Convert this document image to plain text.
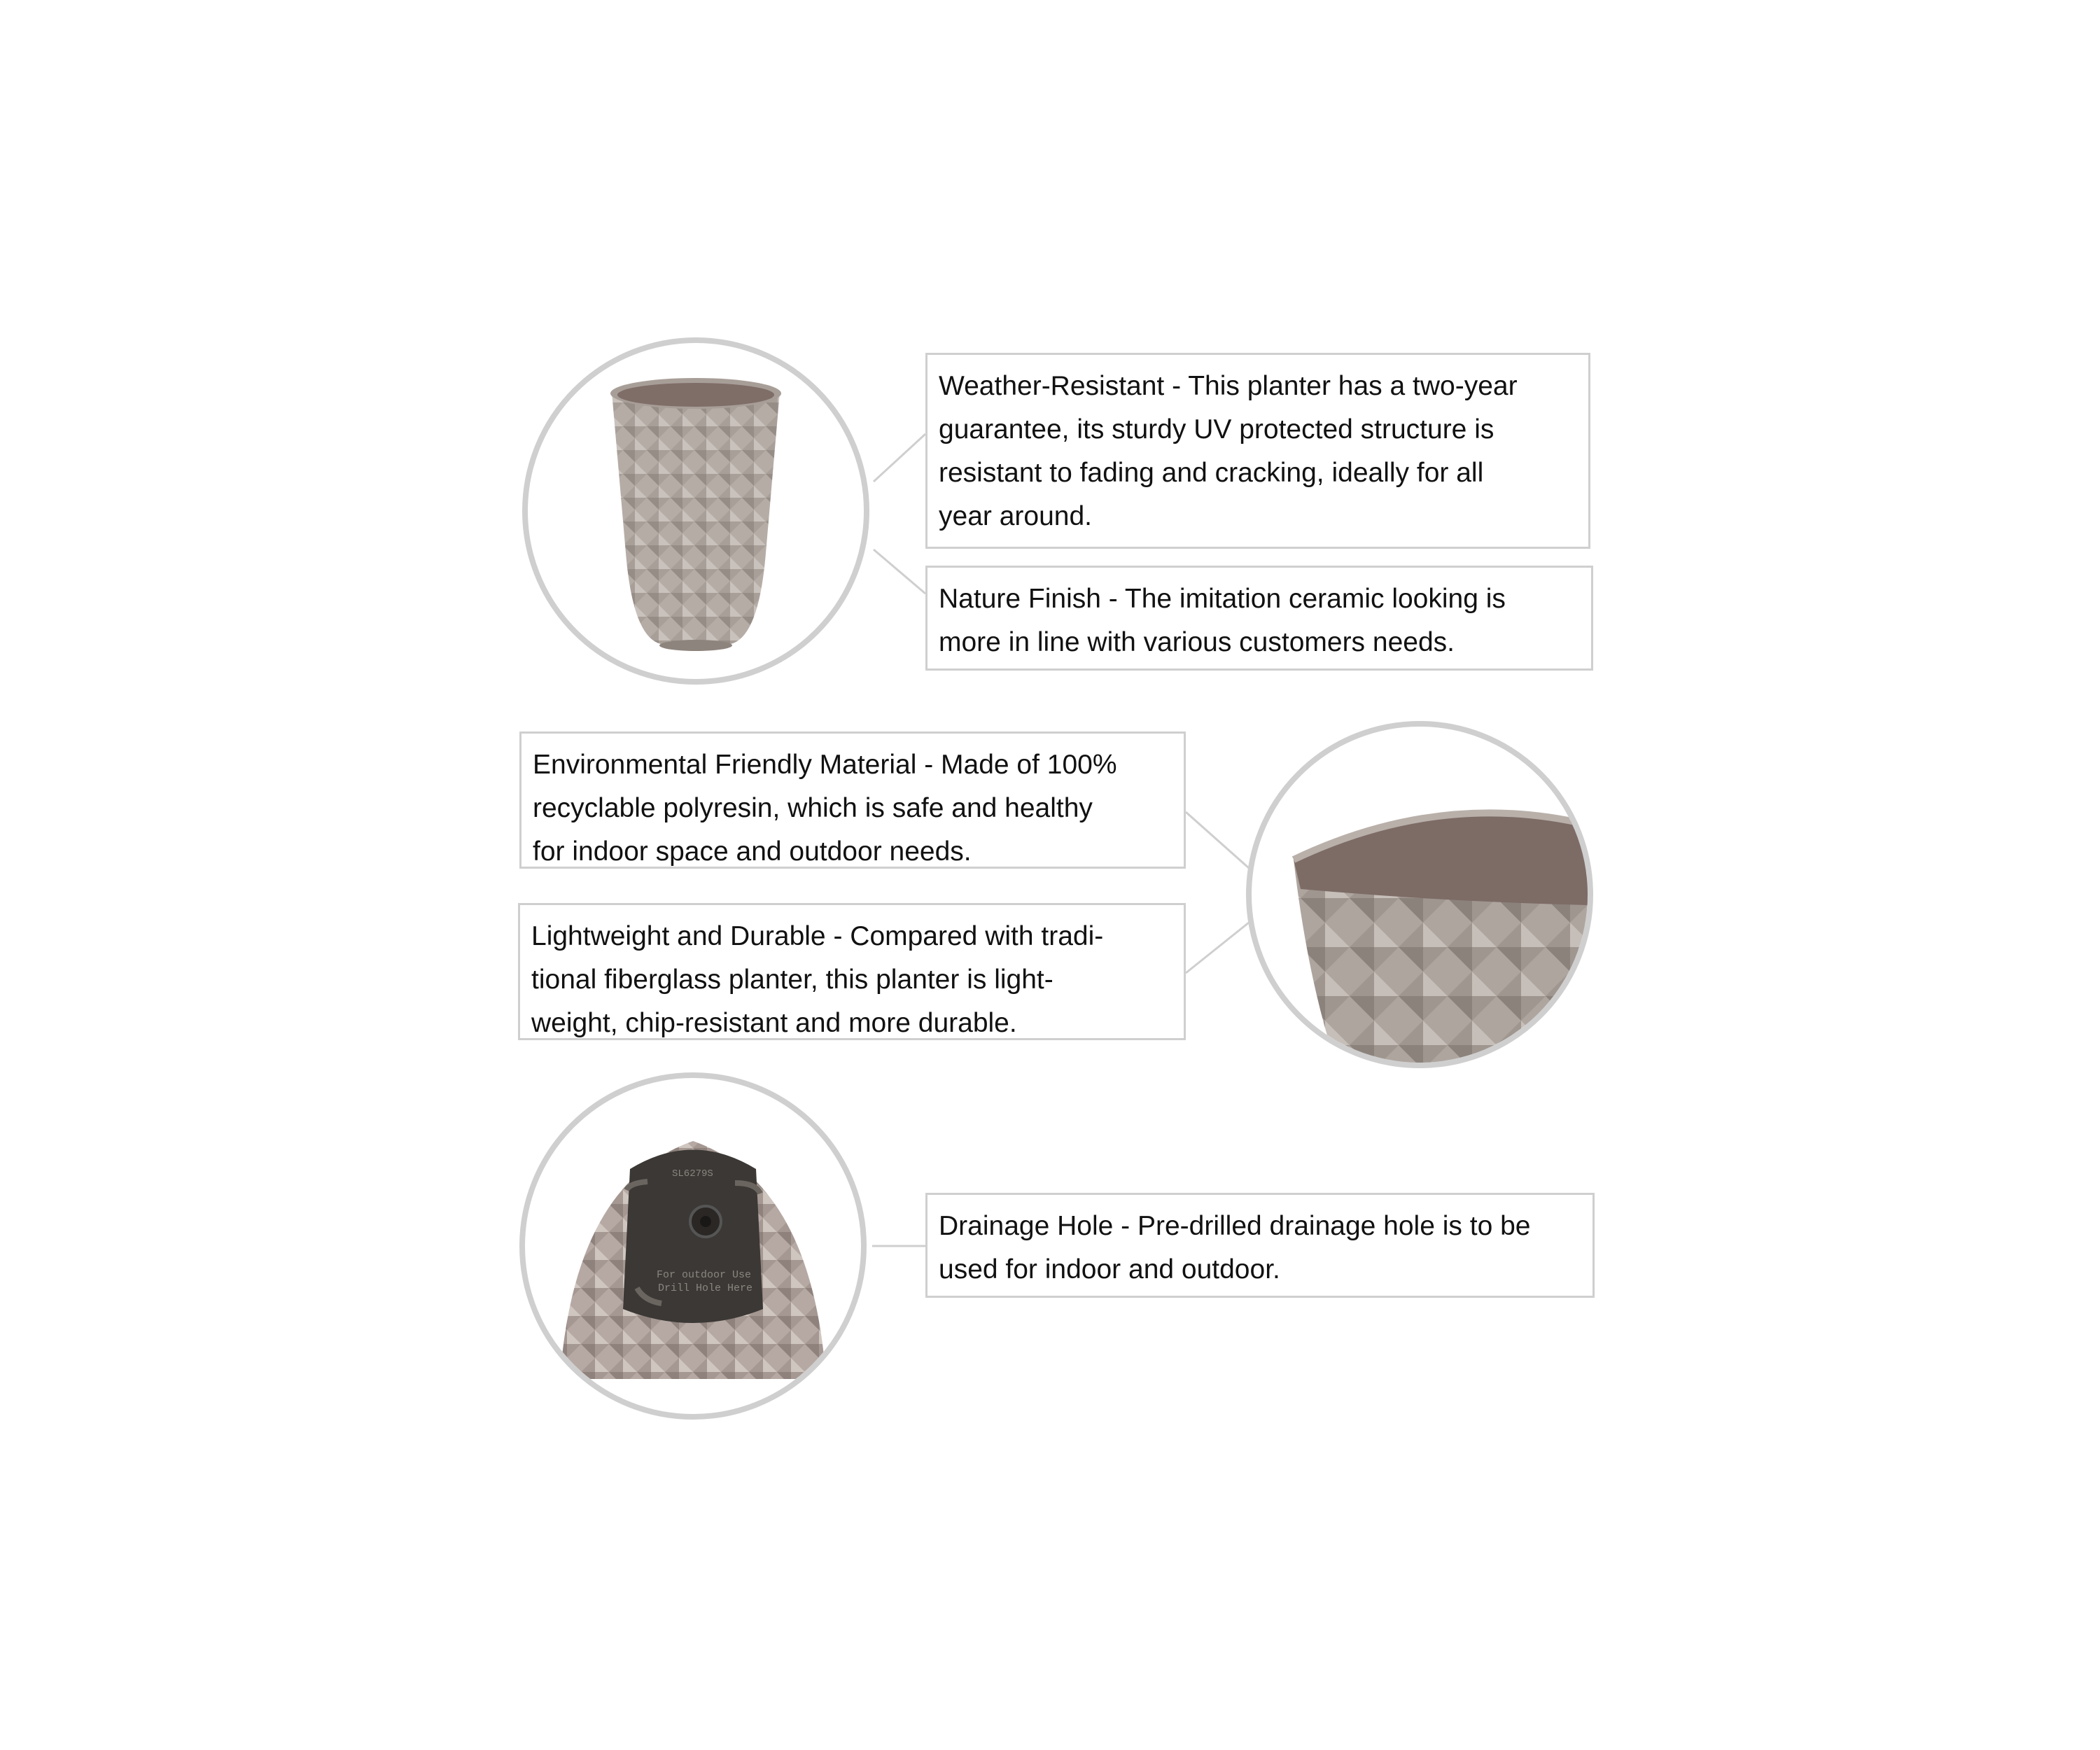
SL6279S
For outdoor Use
Drill Hole Here
Weather-Resistant - This planter has a two-year
guarantee, its sturdy UV protected structure is
resistant to fading and cracking, ideally for all
year around.
Nature Finish - The imitation ceramic looking is
more in line with various customers needs.
Environmental Friendly Material - Made of 100%
recyclable polyresin, which is safe and healthy
for indoor space and outdoor needs.
Lightweight and Durable - Compared with tradi-
tional fiberglass planter, this planter is light-
weight, chip-resistant and more durable.
Drainage Hole - Pre-drilled drainage hole is to be
used for indoor and outdoor.
